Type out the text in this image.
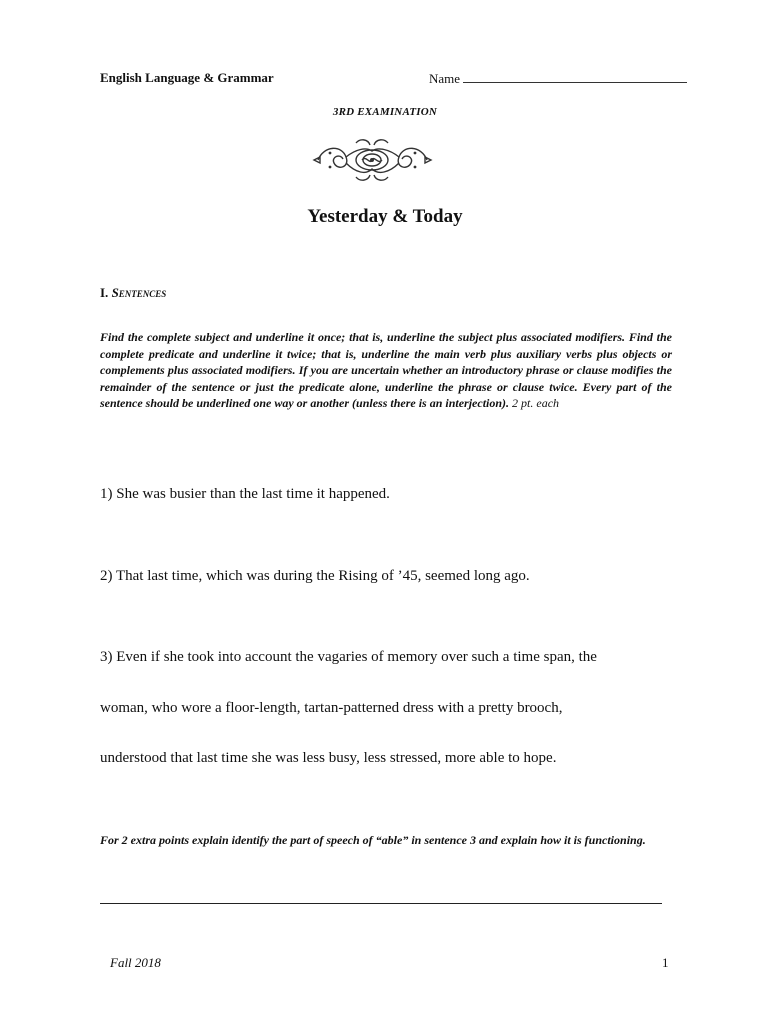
English Language & Grammar	Name
3RD EXAMINATION
Yesterday & Today
I. Sentences
Find the complete subject and underline it once; that is, underline the subject plus associated modifiers. Find the complete predicate and underline it twice; that is, underline the main verb plus auxiliary verbs plus objects or complements plus associated modifiers. If you are uncertain whether an introductory phrase or clause modifies the remainder of the sentence or just the predicate alone, underline the phrase or clause twice. Every part of the sentence should be underlined one way or another (unless there is an interjection). 2 pt. each
1) She was busier than the last time it happened.
2) That last time, which was during the Rising of ’45, seemed long ago.
3) Even if she took into account the vagaries of memory over such a time span, the
woman, who wore a floor-length, tartan-patterned dress with a pretty brooch,
understood that last time she was less busy, less stressed, more able to hope.
For 2 extra points explain identify the part of speech of “able” in sentence 3 and explain how it is functioning.
Fall 2018	1
